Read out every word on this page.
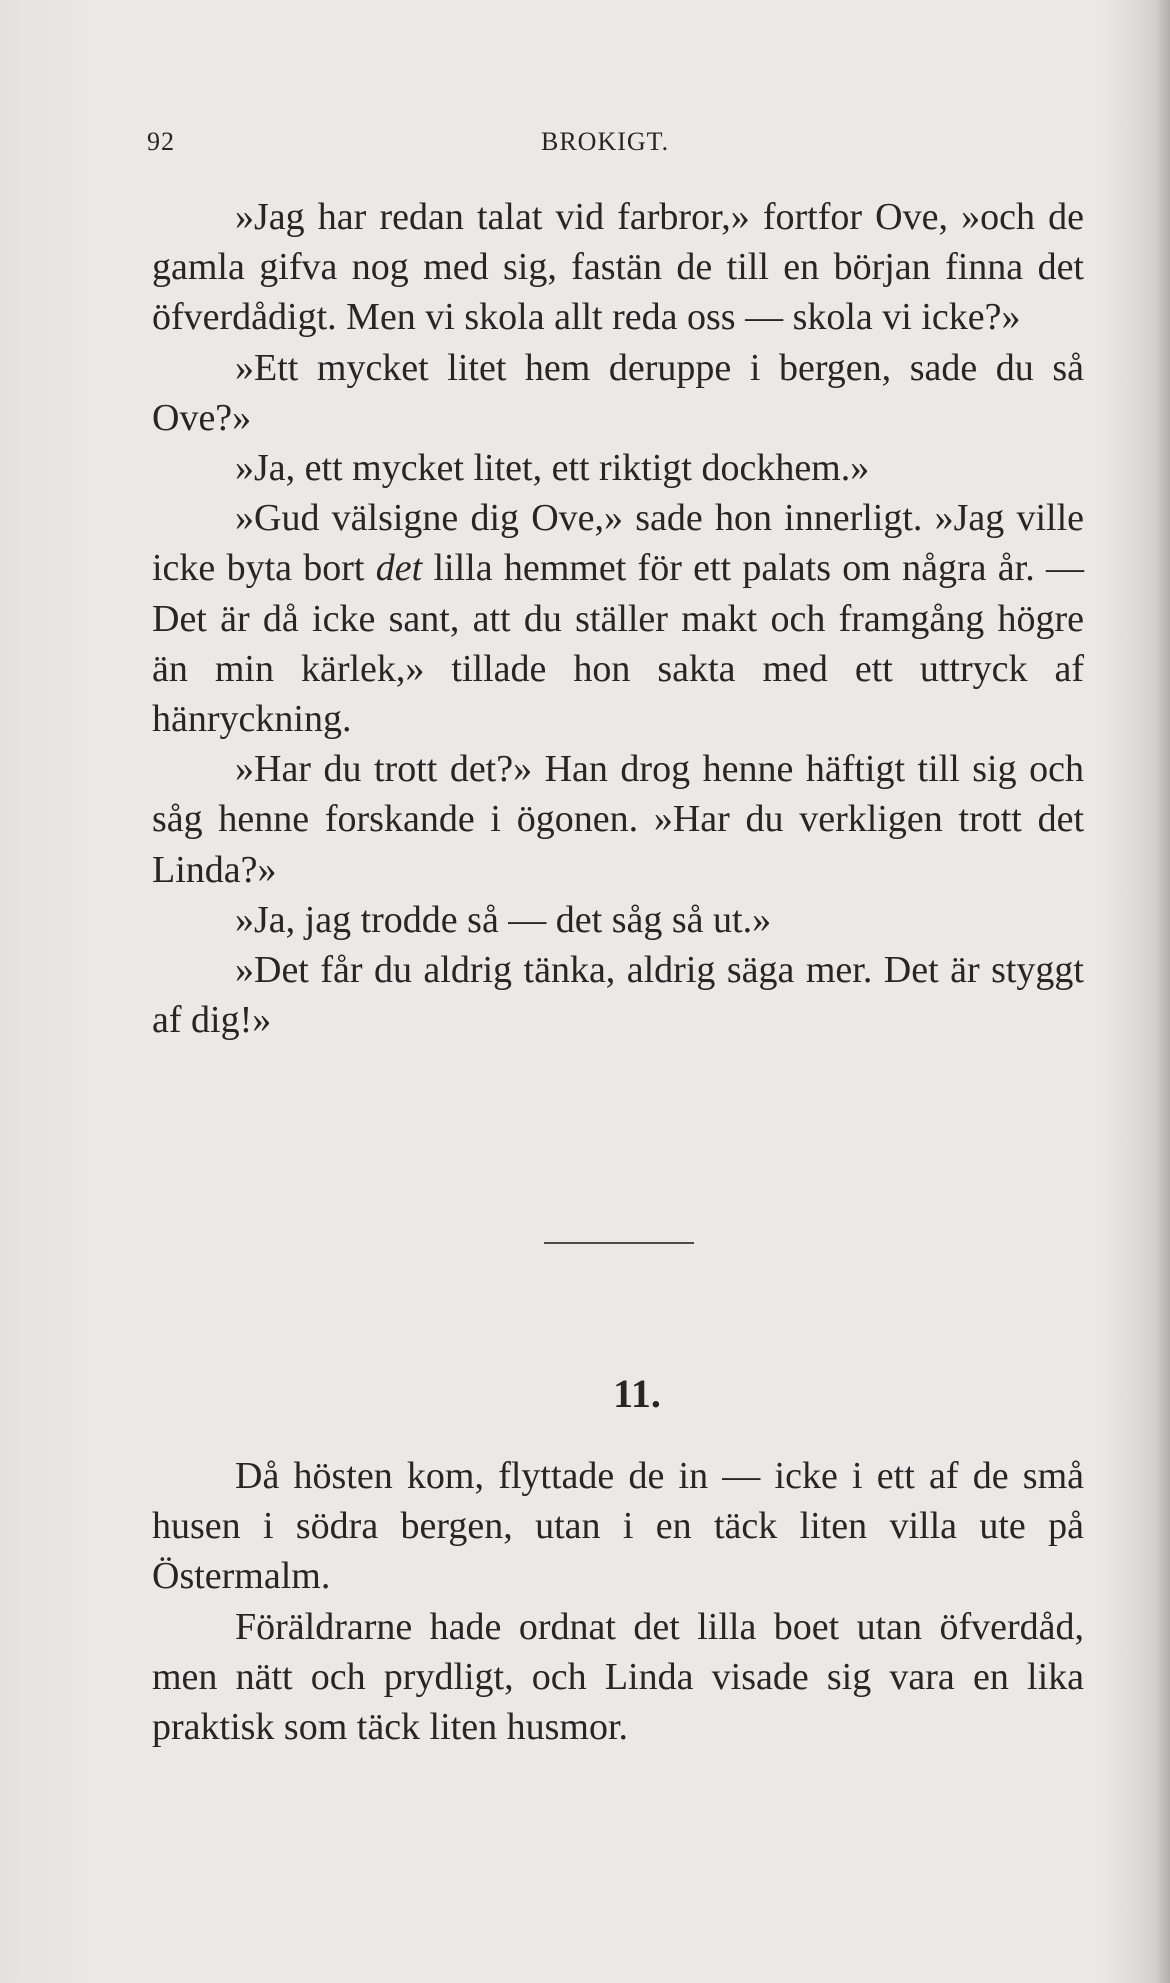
92	BROKIGT.

»Jag har redan talat vid farbror,» fortfor Ove, »och de gamla gifva nog med sig, fastän de till en början finna det öfverdådigt. Men vi skola allt reda oss — skola vi icke?»

»Ett mycket litet hem deruppe i bergen, sade du så Ove?»

»Ja, ett mycket litet, ett riktigt dockhem.»

»Gud välsigne dig Ove,» sade hon innerligt. »Jag ville icke byta bort det lilla hemmet för ett palats om några år. — Det är då icke sant, att du ställer makt och framgång högre än min kärlek,» tillade hon sakta med ett uttryck af hänryckning.

»Har du trott det?» Han drog henne häftigt till sig och såg henne forskande i ögonen. »Har du verkligen trott det Linda?»

»Ja, jag trodde så — det såg så ut.»

»Det får du aldrig tänka, aldrig säga mer. Det är styggt af dig!»

11.

Då hösten kom, flyttade de in — icke i ett af de små husen i södra bergen, utan i en täck liten villa ute på Östermalm.

Föräldrarne hade ordnat det lilla boet utan öfverdåd, men nätt och prydligt, och Linda visade sig vara en lika praktisk som täck liten husmor.
